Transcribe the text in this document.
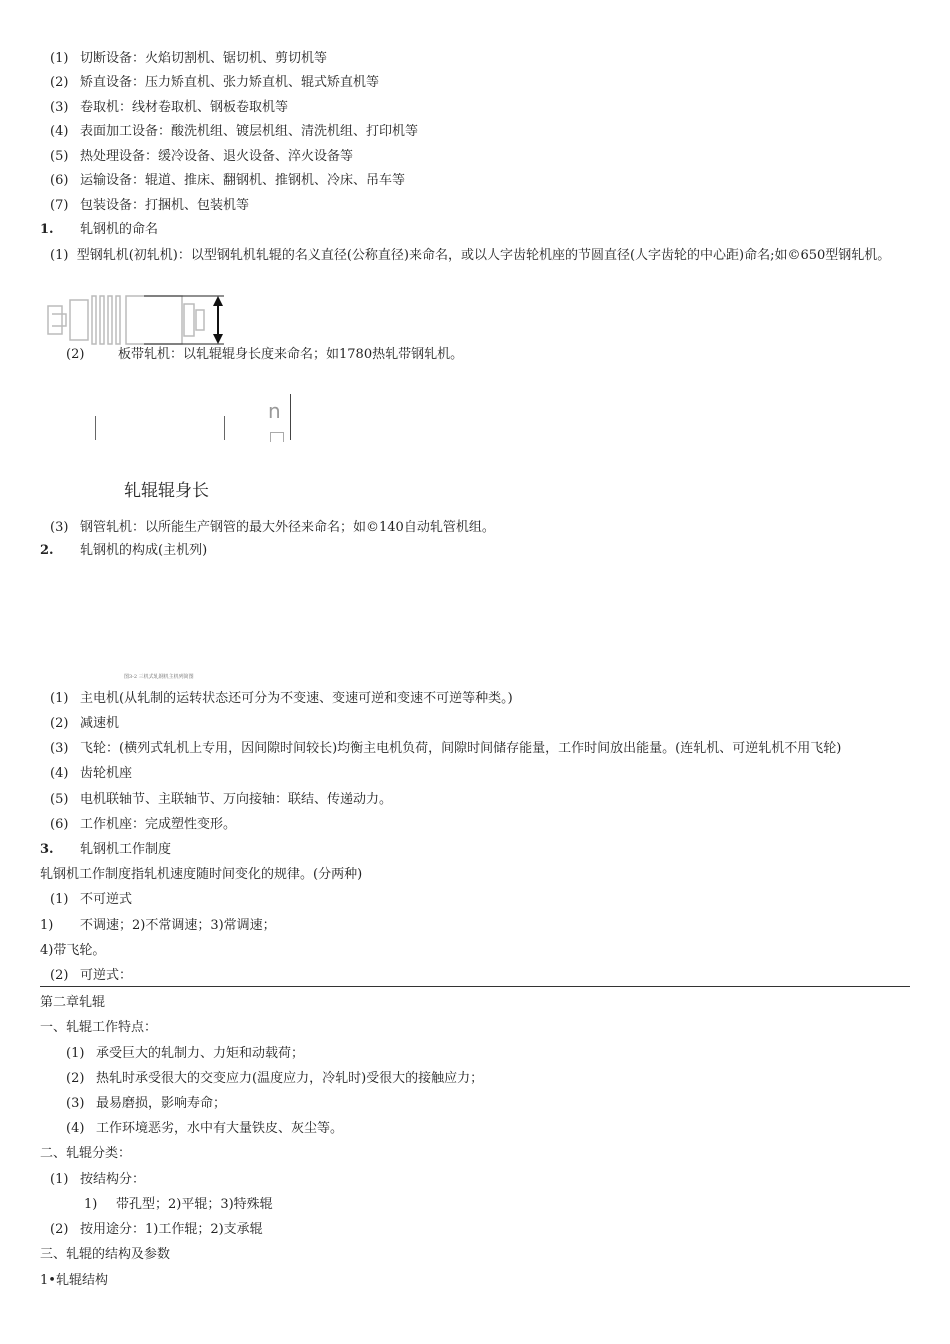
(1) 切断设备：火焰切割机、锯切机、剪切机等
(2) 矫直设备：压力矫直机、张力矫直机、辊式矫直机等
(3) 卷取机：线材卷取机、钢板卷取机等
(4) 表面加工设备：酸洗机组、镀层机组、清洗机组、打印机等
(5) 热处理设备：缓冷设备、退火设备、淬火设备等
(6) 运输设备：辊道、推床、翻钢机、推钢机、冷床、吊车等
(7) 包装设备：打捆机、包装机等
1. 轧钢机的命名
(1) 型钢轧机(初轧机)：以型钢轧机轧辊的名义直径(公称直径)来命名，或以人字齿轮机座的节圆直径(人字齿轮的中心距)命名;如©650型钢轧机。
(2)	板带轧机：以轧辊辊身长度来命名；如1780热轧带钢轧机。
n
轧辊辊身长
(3) 钢管轧机：以所能生产钢管的最大外径来命名；如©140自动轧管机组。
2. 轧钢机的构成(主机列)
图3-2 三机式轧钢机主机列简图
(1) 主电机(从轧制的运转状态还可分为不变速、变速可逆和变速不可逆等种类。)
(2) 减速机
(3) 飞轮：(横列式轧机上专用，因间隙时间较长)均衡主电机负荷，间隙时间储存能量，工作时间放出能量。(连轧机、可逆轧机不用飞轮)
(4) 齿轮机座
(5) 电机联轴节、主联轴节、万向接轴：联结、传递动力。
(6) 工作机座：完成塑性变形。
3. 轧钢机工作制度
轧钢机工作制度指轧机速度随时间变化的规律。(分两种)
(1) 不可逆式
1) 不调速；2)不常调速；3)常调速；
4)带飞轮。
(2) 可逆式：
第二章轧辊
一、轧辊工作特点：
(1) 承受巨大的轧制力、力矩和动载荷；
(2) 热轧时承受很大的交变应力(温度应力，冷轧时)受很大的接触应力；
(3) 最易磨损，影响寿命；
(4) 工作环境恶劣，水中有大量铁皮、灰尘等。
二、轧辊分类：
(1) 按结构分：
1) 带孔型；2)平辊；3)特殊辊
(2) 按用途分：1)工作辊；2)支承辊
三、轧辊的结构及参数
1•轧辊结构
